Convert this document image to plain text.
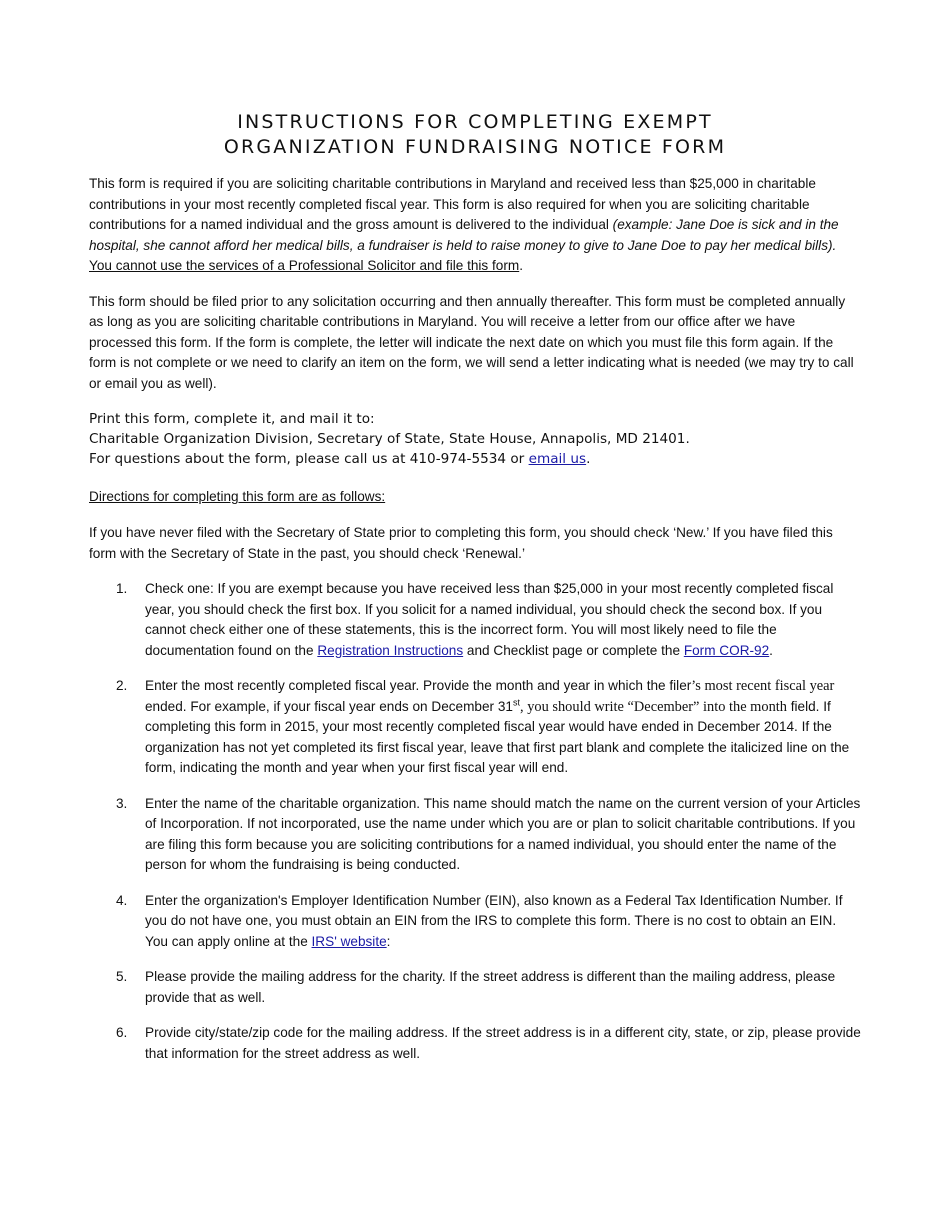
INSTRUCTIONS FOR COMPLETING EXEMPT
ORGANIZATION FUNDRAISING NOTICE FORM

This form is required if you are soliciting charitable contributions in Maryland and received less than $25,000 in charitable contributions in your most recently completed fiscal year. This form is also required for when you are soliciting charitable contributions for a named individual and the gross amount is delivered to the individual (example: Jane Doe is sick and in the hospital, she cannot afford her medical bills, a fundraiser is held to raise money to give to Jane Doe to pay her medical bills). You cannot use the services of a Professional Solicitor and file this form.

This form should be filed prior to any solicitation occurring and then annually thereafter. This form must be completed annually as long as you are soliciting charitable contributions in Maryland. You will receive a letter from our office after we have processed this form. If the form is complete, the letter will indicate the next date on which you must file this form again. If the form is not complete or we need to clarify an item on the form, we will send a letter indicating what is needed (we may try to call or email you as well).

Print this form, complete it, and mail it to:
Charitable Organization Division, Secretary of State, State House, Annapolis, MD 21401.
For questions about the form, please call us at 410-974-5534 or email us.
Directions for completing this form are as follows:

If you have never filed with the Secretary of State prior to completing this form, you should check ‘New.’ If you have filed this form with the Secretary of State in the past, you should check ‘Renewal.’

1. Check one: If you are exempt because you have received less than $25,000 in your most recently completed fiscal year, you should check the first box. If you solicit for a named individual, you should check the second box. If you cannot check either one of these statements, this is the incorrect form. You will most likely need to file the documentation found on the Registration Instructions and Checklist page or complete the Form COR-92.
2. Enter the most recently completed fiscal year. Provide the month and year in which the filer’s most recent fiscal year ended. For example, if your fiscal year ends on December 31st, you should write “December” into the month field. If completing this form in 2015, your most recently completed fiscal year would have ended in December 2014. If the organization has not yet completed its first fiscal year, leave that first part blank and complete the italicized line on the form, indicating the month and year when your first fiscal year will end.
3. Enter the name of the charitable organization. This name should match the name on the current version of your Articles of Incorporation. If not incorporated, use the name under which you are or plan to solicit charitable contributions. If you are filing this form because you are soliciting contributions for a named individual, you should enter the name of the person for whom the fundraising is being conducted.
4. Enter the organization's Employer Identification Number (EIN), also known as a Federal Tax Identification Number. If you do not have one, you must obtain an EIN from the IRS to complete this form. There is no cost to obtain an EIN. You can apply online at the IRS' website:
5. Please provide the mailing address for the charity. If the street address is different than the mailing address, please provide that as well.
6. Provide city/state/zip code for the mailing address. If the street address is in a different city, state, or zip, please provide that information for the street address as well.
